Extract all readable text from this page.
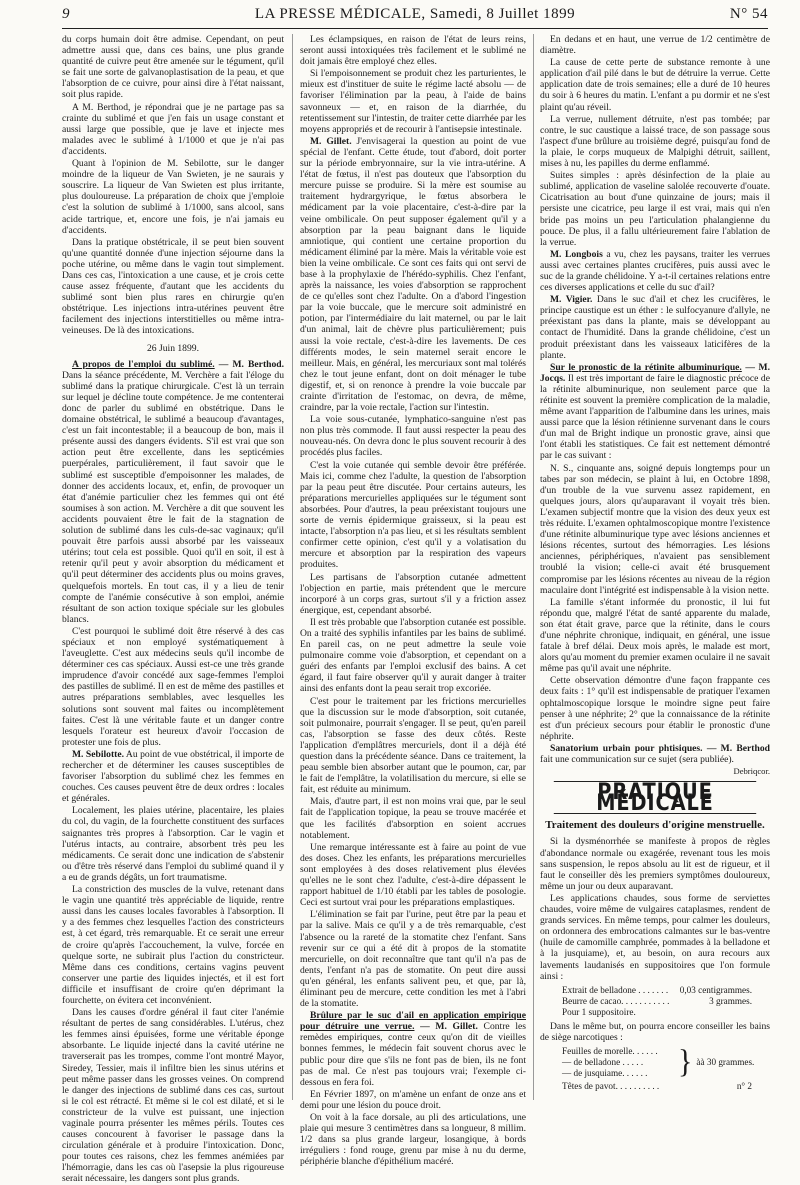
9	LA PRESSE MÉDICALE, Samedi, 8 Juillet 1899	N° 54

du corps humain doit être admise. Cependant, on peut admettre aussi que, dans ces bains, une plus grande quantité de cuivre peut être amenée sur le tégument, qu'il se fait une sorte de galvanoplastisation de la peau, et que l'absorption de ce cuivre, pour ainsi dire à l'état naissant, soit plus rapide.

A M. Berthod, je répondrai que je ne partage pas sa crainte du sublimé et que j'en fais un usage constant et aussi large que possible, que je lave et injecte mes malades avec le sublimé à 1/1000 et que je n'ai pas d'accidents.

Quant à l'opinion de M. Sebilotte, sur le danger moindre de la liqueur de Van Swieten, je ne saurais y souscrire. La liqueur de Van Swieten est plus irritante, plus douloureuse. La préparation de choix que j'emploie c'est la solution de sublimé à 1/1000, sans alcool, sans acide tartrique, et, encore une fois, je n'ai jamais eu d'accidents.

Dans la pratique obstétricale, il se peut bien souvent qu'une quantité donnée d'une injection séjourne dans la poche utérine, ou même dans le vagin tout simplement. Dans ces cas, l'intoxication a une cause, et je crois cette cause assez fréquente, d'autant que les accidents du sublimé sont bien plus rares en chirurgie qu'en obstétrique. Les injections intra-utérines peuvent être facilement des injections interstitielles ou même intra-veineuses. De là des intoxications.

26 Juin 1899.

A propos de l'emploi du sublimé. — M. Berthod. Dans la séance précédente, M. Verchère a fait l'éloge du sublimé dans la pratique chirurgicale. C'est là un terrain sur lequel je décline toute compétence. Je me contenterai donc de parler du sublimé en obstétrique. Dans le domaine obstétrical, le sublimé a beaucoup d'avantages, c'est un fait incontestable; il a beaucoup de bon, mais il présente aussi des dangers évidents. S'il est vrai que son action peut être excellente, dans les septicémies puerpérales, particulièrement, il faut savoir que le sublimé est susceptible d'empoisonner les malades, de donner des accidents locaux, et, enfin, de provoquer un état d'anémie particulier chez les femmes qui ont été soumises à son action. M. Verchère a dit que souvent les accidents pouvaient être le fait de la stagnation de solution de sublimé dans les culs-de-sac vaginaux; qu'il pouvait être parfois aussi absorbé par les vaisseaux utérins; tout cela est possible. Quoi qu'il en soit, il est à retenir qu'il peut y avoir absorption du médicament et qu'il peut déterminer des accidents plus ou moins graves, quelquefois mortels. En tout cas, il y a lieu de tenir compte de l'anémie consécutive à son emploi, anémie résultant de son action toxique spéciale sur les globules blancs.

C'est pourquoi le sublimé doit être réservé à des cas spéciaux et non employé systématiquement à l'aveuglette. C'est aux médecins seuls qu'il incombe de déterminer ces cas spéciaux. Aussi est-ce une très grande imprudence d'avoir concédé aux sage-femmes l'emploi des pastilles de sublimé. Il en est de même des pastilles et autres préparations semblables, avec lesquelles les solutions sont souvent mal faites ou incomplètement faites. C'est là une véritable faute et un danger contre lesquels l'orateur est heureux d'avoir l'occasion de protester une fois de plus.

M. Sebilotte. Au point de vue obstétrical, il importe de rechercher et de déterminer les causes susceptibles de favoriser l'absorption du sublimé chez les femmes en couches. Ces causes peuvent être de deux ordres : locales et générales.

Localement, les plaies utérine, placentaire, les plaies du col, du vagin, de la fourchette constituent des surfaces saignantes très propres à l'absorption. Car le vagin et l'utérus intacts, au contraire, absorbent très peu les médicaments. Ce serait donc une indication de s'abstenir ou d'être très réservé dans l'emploi du sublimé quand il y a eu de grands dégâts, un fort traumatisme.

La constriction des muscles de la vulve, retenant dans le vagin une quantité très appréciable de liquide, rentre aussi dans les causes locales favorables à l'absorption. Il y a des femmes chez lesquelles l'action des constricteurs est, à cet égard, très remarquable. Et ce serait une erreur de croire qu'après l'accouchement, la vulve, forcée en quelque sorte, ne subirait plus l'action du constricteur. Même dans ces conditions, certains vagins peuvent conserver une partie des liquides injectés, et il est fort difficile et insuffisant de croire qu'en déprimant la fourchette, on évitera cet inconvénient.

Dans les causes d'ordre général il faut citer l'anémie résultant de pertes de sang considérables. L'utérus, chez les femmes ainsi épuisées, forme une véritable éponge absorbante. Le liquide injecté dans la cavité utérine ne traverserait pas les trompes, comme l'ont montré Mayor, Siredey, Tessier, mais il infiltre bien les sinus utérins et peut même passer dans les grosses veines. On comprend le danger des injections de sublimé dans ces cas, surtout si le col est rétracté. Et même si le col est dilaté, et si le constricteur de la vulve est puissant, une injection vaginale pourra présenter les mêmes périls. Toutes ces causes concourent à favoriser le passage dans la circulation générale et à produire l'intoxication. Donc, pour toutes ces raisons, chez les femmes anémiées par l'hémorragie, dans les cas où l'asepsie la plus rigoureuse serait nécessaire, les dangers sont plus grands.

Les éclampsiques, en raison de l'état de leurs reins, seront aussi intoxiquées très facilement et le sublimé ne doit jamais être employé chez elles.

Si l'empoisonnement se produit chez les parturientes, le mieux est d'instituer de suite le régime lacté absolu — de favoriser l'élimination par la peau, à l'aide de bains savonneux — et, en raison de la diarrhée, du retentissement sur l'intestin, de traiter cette diarrhée par les moyens appropriés et de recourir à l'antisepsie intestinale.

M. Gillet. J'envisagerai la question au point de vue spécial de l'enfant. Cette étude, tout d'abord, doit porter sur la période embryonnaire, sur la vie intra-utérine. A l'état de fœtus, il n'est pas douteux que l'absorption du mercure puisse se produire. Si la mère est soumise au traitement hydrargyrique, le fœtus absorbera le médicament par la voie placentaire, c'est-à-dire par la veine ombilicale. On peut supposer également qu'il y a absorption par la peau baignant dans le liquide amniotique, qui contient une certaine proportion du médicament éliminé par la mère. Mais la véritable voie est bien la veine ombilicale. Ce sont ces faits qui ont servi de base à la prophylaxie de l'hérédo-syphilis. Chez l'enfant, après la naissance, les voies d'absorption se rapprochent de ce qu'elles sont chez l'adulte. On a d'abord l'ingestion par la voie buccale, que le mercure soit administré en potion, par l'intermédiaire du lait maternel, ou par le lait d'un animal, lait de chèvre plus particulièrement; puis aussi la voie rectale, c'est-à-dire les lavements. De ces différents modes, le sein maternel serait encore le meilleur. Mais, en général, les mercuriaux sont mal tolérés chez le tout jeune enfant, dont on doit ménager le tube digestif, et, si on renonce à prendre la voie buccale par crainte d'irritation de l'estomac, on devra, de même, craindre, par la voie rectale, l'action sur l'intestin.

La voie sous-cutanée, lymphatico-sanguine n'est pas non plus très commode. Il faut aussi respecter la peau des nouveau-nés. On devra donc le plus souvent recourir à des procédés plus faciles.

C'est la voie cutanée qui semble devoir être préférée. Mais ici, comme chez l'adulte, la question de l'absorption par la peau peut être discutée. Pour certains auteurs, les préparations mercurielles appliquées sur le tégument sont absorbées. Pour d'autres, la peau préexistant toujours une sorte de vernis épidermique graisseux, si la peau est intacte, l'absorption n'a pas lieu, et si les résultats semblent confirmer cette opinion, c'est qu'il y a volatisation du mercure et absorption par la respiration des vapeurs produites.

Les partisans de l'absorption cutanée admettent l'objection en partie, mais prétendent que le mercure incorporé à un corps gras, surtout s'il y a friction assez énergique, est, cependant absorbé.

Il est très probable que l'absorption cutanée est possible. On a traité des syphilis infantiles par les bains de sublimé. En pareil cas, on ne peut admettre la seule voie pulmonaire comme voie d'absorption, et cependant on a guéri des enfants par l'emploi exclusif des bains. A cet égard, il faut faire observer qu'il y aurait danger à traiter ainsi des enfants dont la peau serait trop excoriée.

C'est pour le traitement par les frictions mercurielles que la discussion sur le mode d'absorption, soit cutanée, soit pulmonaire, pourrait s'engager. Il se peut, qu'en pareil cas, l'absorption se fasse des deux côtés. Reste l'application d'emplâtres mercuriels, dont il a déjà été question dans la précédente séance. Dans ce traitement, la peau semble bien absorber autant que le poumon, car, par le fait de l'emplâtre, la volatilisation du mercure, si elle se fait, est réduite au minimum.

Mais, d'autre part, il est non moins vrai que, par le seul fait de l'application topique, la peau se trouve macérée et que les facilités d'absorption en soient accrues notablement.

Une remarque intéressante est à faire au point de vue des doses. Chez les enfants, les préparations mercurielles sont employées à des doses relativement plus élevées qu'elles ne le sont chez l'adulte, c'est-à-dire dépassent le rapport habituel de 1/10 établi par les tables de posologie. Ceci est surtout vrai pour les préparations emplastiques.

L'élimination se fait par l'urine, peut être par la peau et par la salive. Mais ce qu'il y a de très remarquable, c'est l'absence ou la rareté de la stomatite chez l'enfant. Sans revenir sur ce qui a été dit à propos de la stomatite mercurielle, on doit reconnaître que tant qu'il n'a pas de dents, l'enfant n'a pas de stomatite. On peut dire aussi qu'en général, les enfants salivent peu, et que, par là, éliminant peu de mercure, cette condition les met à l'abri de la stomatite.

Brûlure par le suc d'ail en application empirique pour détruire une verrue. — M. Gillet. Contre les remèdes empiriques, contre ceux qu'on dit de vieilles bonnes femmes, le médecin fait souvent chorus avec le public pour dire que s'ils ne font pas de bien, ils ne font pas de mal. Ce n'est pas toujours vrai; l'exemple ci-dessous en fera foi.

En Février 1897, on m'amène un enfant de onze ans et demi pour une lésion du pouce droit.

On voit à la face dorsale, au pli des articulations, une plaie qui mesure 3 centimètres dans sa longueur, 8 millim. 1/2 dans sa plus grande largeur, losangique, à bords irréguliers : fond rouge, grenu par mise à nu du derme, périphérie blanche d'épithélium macéré.

En dedans et en haut, une verrue de 1/2 centimètre de diamètre.

La cause de cette perte de substance remonte à une application d'ail pilé dans le but de détruire la verrue. Cette application date de trois semaines; elle a duré de 10 heures du soir à 6 heures du matin. L'enfant a pu dormir et ne s'est plaint qu'au réveil.

La verrue, nullement détruite, n'est pas tombée; par contre, le suc caustique a laissé trace, de son passage sous l'aspect d'une brûlure au troisième degré, puisqu'au fond de la plaie, le corps muqueux de Malpighi détruit, saillent, mises à nu, les papilles du derme enflammé.

Suites simples : après désinfection de la plaie au sublimé, application de vaseline salolée recouverte d'ouate. Cicatrisation au bout d'une quinzaine de jours; mais il persiste une cicatrice, peu large il est vrai, mais qui n'en bride pas moins un peu l'articulation phalangienne du pouce. De plus, il a fallu ultérieurement faire l'ablation de la verrue.

M. Longbois a vu, chez les paysans, traiter les verrues aussi avec certaines plantes crucifères, puis aussi avec le suc de la grande chélidoine. Y a-t-il certaines relations entre ces diverses applications et celle du suc d'ail?

M. Vigier. Dans le suc d'ail et chez les crucifères, le principe caustique est un éther : le sulfocyanure d'allyle, ne préexistant pas dans la plante, mais se développant au contact de l'humidité. Dans la grande chélidoine, c'est un produit préexistant dans les vaisseaux laticifères de la plante.

Sur le pronostic de la rétinite albuminurique. — M. Jocqs. Il est très important de faire le diagnostic précoce de la rétinite albuminurique, non seulement parce que la rétinite est souvent la première complication de la maladie, même avant l'apparition de l'albumine dans les urines, mais aussi parce que la lésion rétinienne survenant dans le cours d'un mal de Bright indique un pronostic grave, ainsi que l'ont établi les statistiques. Ce fait est nettement démontré par le cas suivant :

N. S., cinquante ans, soigné depuis longtemps pour un tabes par son médecin, se plaint à lui, en Octobre 1898, d'un trouble de la vue survenu assez rapidement, en quelques jours, alors qu'auparavant il voyait très bien. L'examen subjectif montre que la vision des deux yeux est très réduite. L'examen ophtalmoscopique montre l'existence d'une rétinite albuminurique type avec lésions anciennes et lésions récentes, surtout des hémorragies. Les lésions anciennes, périphériques, n'avaient pas sensiblement troublé la vision; celle-ci avait été brusquement compromise par les lésions récentes au niveau de la région maculaire dont l'intégrité est indispensable à la vision nette.

La famille s'étant informée du pronostic, il lui fut répondu que, malgré l'état de santé apparente du malade, son état était grave, parce que la rétinite, dans le cours d'une néphrite chronique, indiquait, en général, une issue fatale à bref délai. Deux mois après, le malade est mort, alors qu'au moment du premier examen oculaire il ne savait même pas qu'il avait une néphrite.

Cette observation démontre d'une façon frappante ces deux faits : 1° qu'il est indispensable de pratiquer l'examen ophtalmoscopique lorsque le moindre signe peut faire penser à une néphrite; 2° que la connaissance de la rétinite est d'un précieux secours pour établir le pronostic d'une néphrite.

Sanatorium urbain pour phtisiques. — M. Berthod fait une communication sur ce sujet (sera publiée).

Debriqcor.

PRATIQUE MÉDICALE

Traitement des douleurs d'origine menstruelle.

Si la dysménorrhée se manifeste à propos de règles d'abondance normale ou exagérée, revenant tous les mois sans suspension, le repos absolu au lit est de rigueur, et il faut le conseiller dès les premiers symptômes douloureux, même un jour ou deux auparavant.

Les applications chaudes, sous forme de serviettes chaudes, voire même de vulgaires cataplasmes, rendent de grands services. En même temps, pour calmer les douleurs, on ordonnera des embrocations calmantes sur le bas-ventre (huile de camomille camphrée, pommades à la belladone et à la jusquiame), et, au besoin, on aura recours aux lavements laudanisés en suppositoires que l'on formule ainsi :

Extrait de belladone . . . . . . . 0,03 centigrammes.
Beurre de cacao. . . . . . . . . . .	3 grammes.
Pour 1 suppositoire.

Dans le même but, on pourra encore conseiller les bains de siège narcotiques :

Feuilles de morelle. . . . . .
— de belladone . . . . .
— de jusquiame. . . . . .	} àà 30 grammes.
Têtes de pavot. . . . . . . . . .	n° 2
